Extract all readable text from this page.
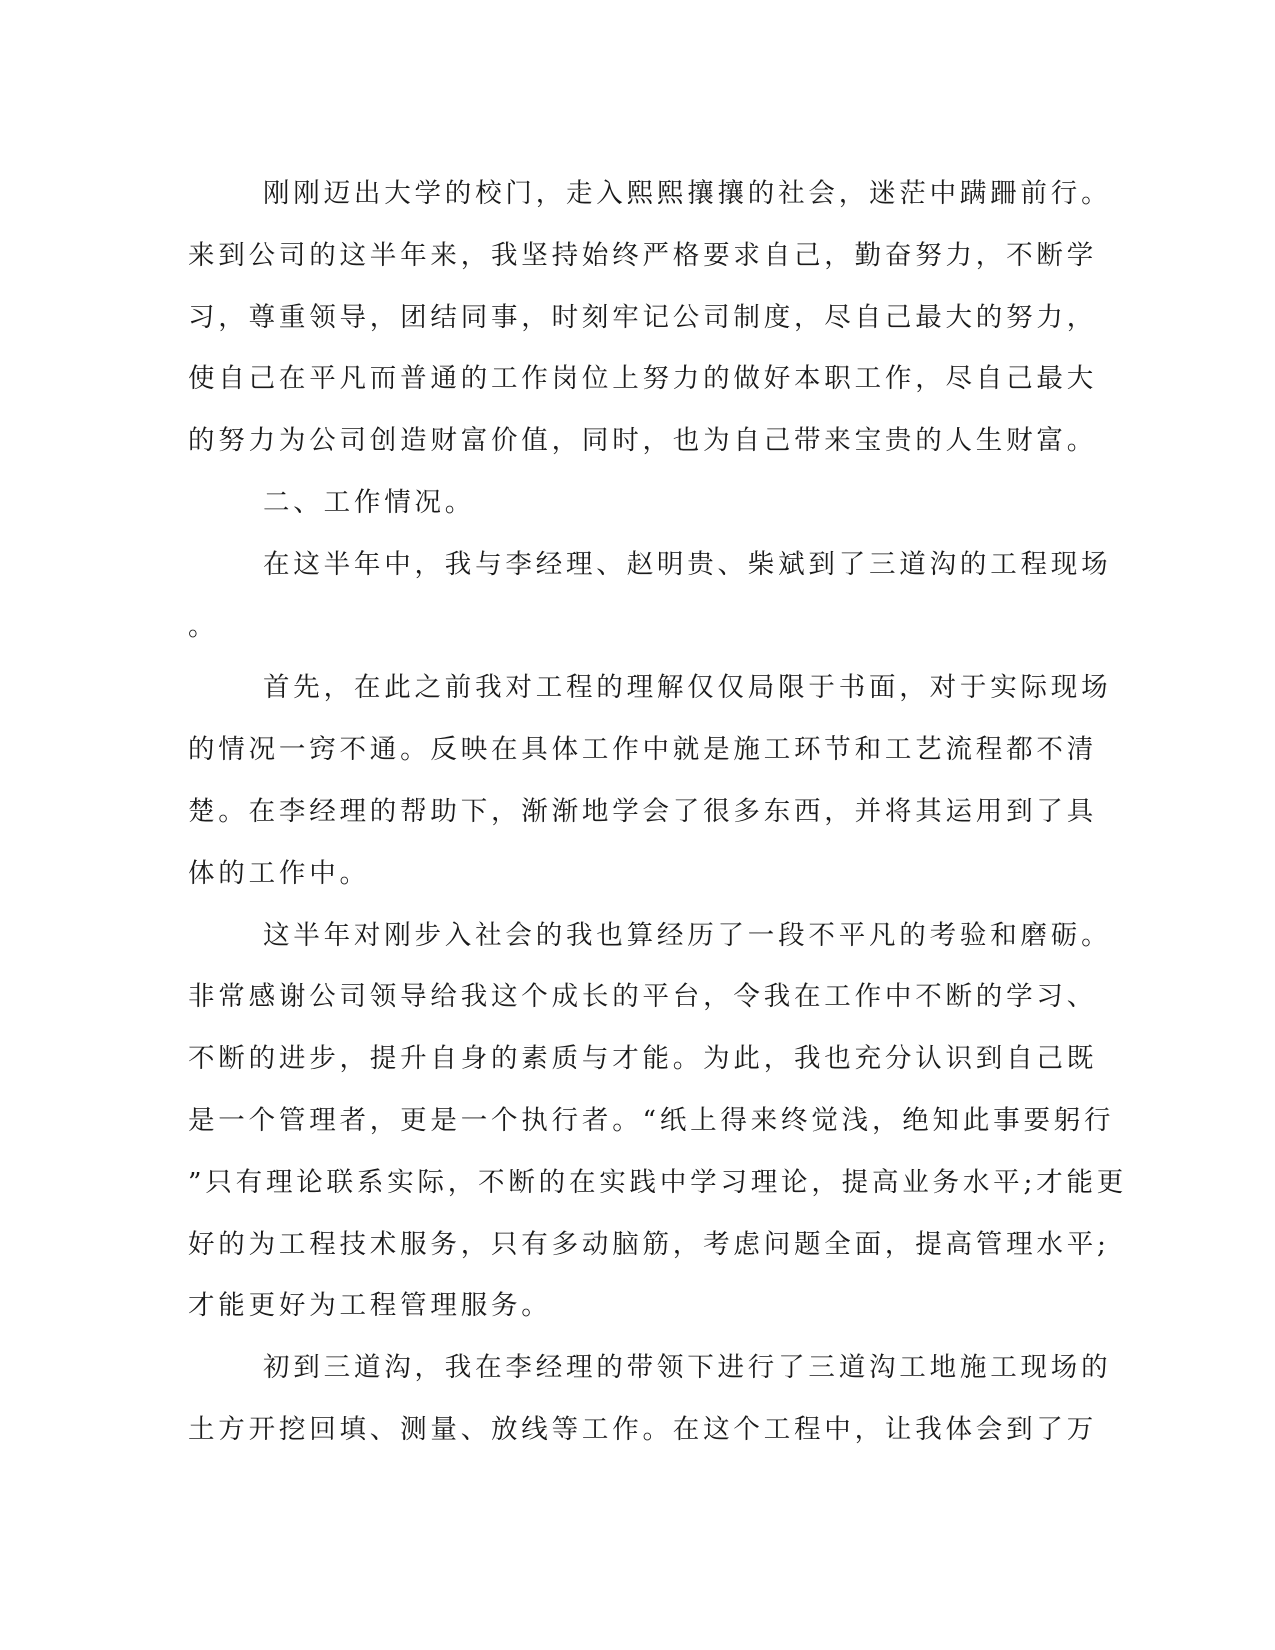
刚刚迈出大学的校门，走入熙熙攘攘的社会，迷茫中蹒跚前行。
来到公司的这半年来，我坚持始终严格要求自己，勤奋努力，不断学
习，尊重领导，团结同事，时刻牢记公司制度，尽自己最大的努力，
使自己在平凡而普通的工作岗位上努力的做好本职工作，尽自己最大
的努力为公司创造财富价值，同时，也为自己带来宝贵的人生财富。
二、工作情况。
在这半年中，我与李经理、赵明贵、柴斌到了三道沟的工程现场
。
首先，在此之前我对工程的理解仅仅局限于书面，对于实际现场
的情况一窍不通。反映在具体工作中就是施工环节和工艺流程都不清
楚。在李经理的帮助下，渐渐地学会了很多东西，并将其运用到了具
体的工作中。
这半年对刚步入社会的我也算经历了一段不平凡的考验和磨砺。
非常感谢公司领导给我这个成长的平台，令我在工作中不断的学习、
不断的进步，提升自身的素质与才能。为此，我也充分认识到自己既
是一个管理者，更是一个执行者。“纸上得来终觉浅，绝知此事要躬行
”只有理论联系实际，不断的在实践中学习理论，提高业务水平;才能更
好的为工程技术服务，只有多动脑筋，考虑问题全面，提高管理水平;
才能更好为工程管理服务。
初到三道沟，我在李经理的带领下进行了三道沟工地施工现场的
土方开挖回填、测量、放线等工作。在这个工程中，让我体会到了万
